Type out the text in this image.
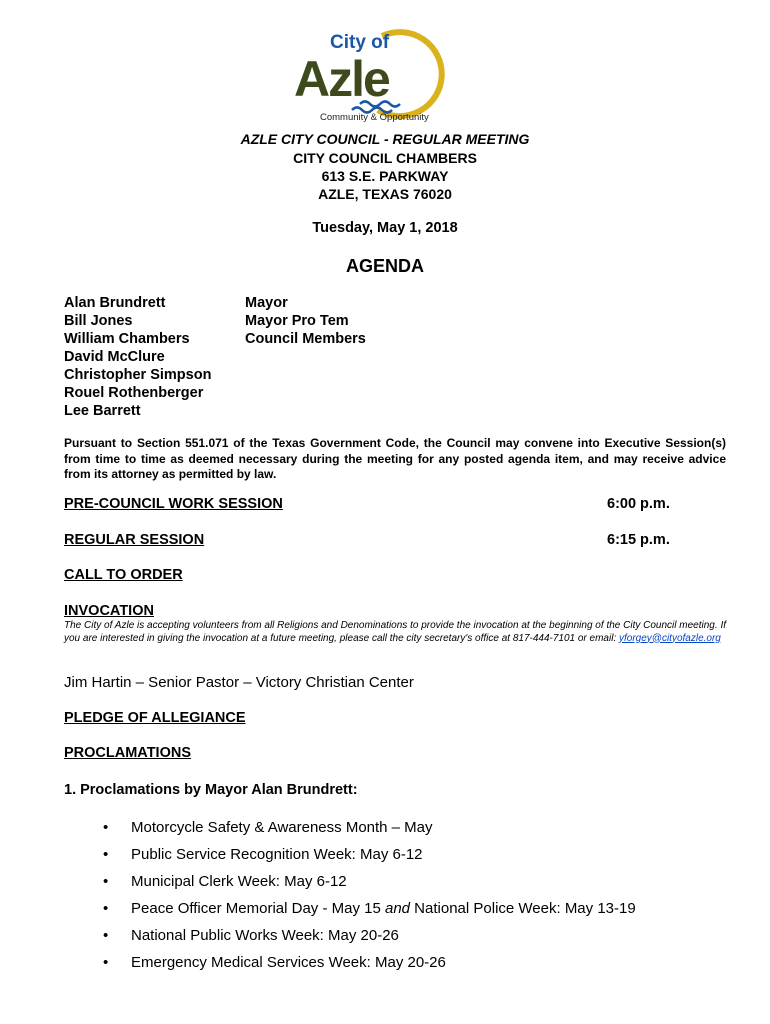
City of
Azle
Community & Opportunity
AZLE CITY COUNCIL - REGULAR MEETING
CITY COUNCIL CHAMBERS
613 S.E. PARKWAY
AZLE, TEXAS 76020
Tuesday, May 1, 2018
AGENDA
Alan Brundrett
Bill Jones
William Chambers
David McClure
Christopher Simpson
Rouel Rothenberger
Lee Barrett
Mayor
Mayor Pro Tem
Council Members
Pursuant to Section 551.071 of the Texas Government Code, the Council may convene into Executive Session(s) from time to time as deemed necessary during the meeting for any posted agenda item, and may receive advice from its attorney as permitted by law.
PRE-COUNCIL WORK SESSION	6:00 p.m.
REGULAR SESSION	6:15 p.m.
CALL TO ORDER
INVOCATION
The City of Azle is accepting volunteers from all Religions and Denominations to provide the invocation at the beginning of the City Council meeting. If you are interested in giving the invocation at a future meeting, please call the city secretary's office at 817-444-7101 or email: yforgey@cityofazle.org
Jim Hartin – Senior Pastor – Victory Christian Center
PLEDGE OF ALLEGIANCE
PROCLAMATIONS
1. Proclamations by Mayor Alan Brundrett:
• Motorcycle Safety & Awareness Month – May
• Public Service Recognition Week: May 6-12
• Municipal Clerk Week: May 6-12
• Peace Officer Memorial Day - May 15 and National Police Week: May 13-19
• National Public Works Week: May 20-26
• Emergency Medical Services Week: May 20-26
